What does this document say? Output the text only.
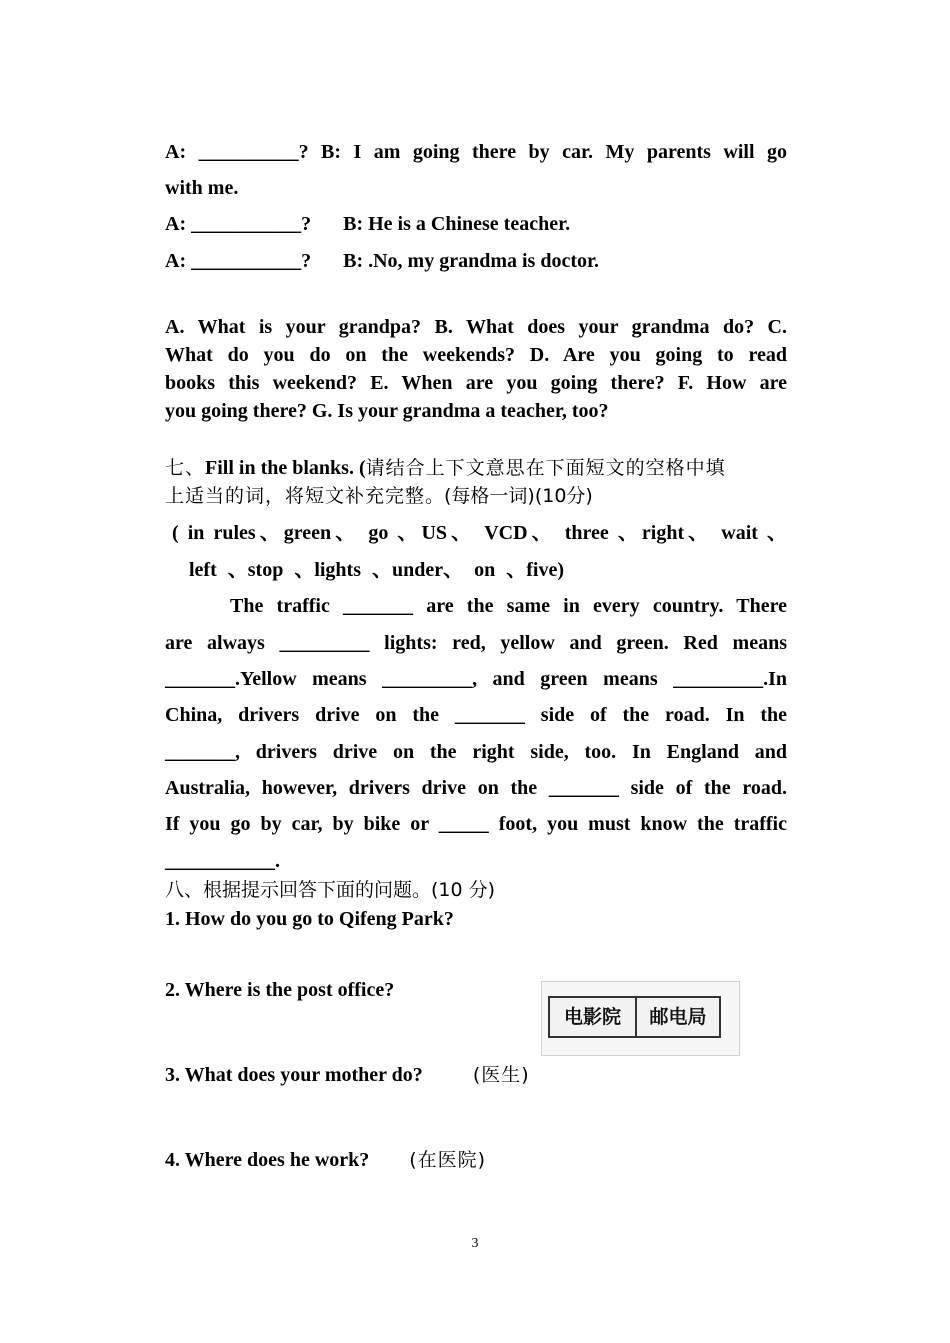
A: __________? B: I am going there by car. My parents will go
with me.
A: ___________? B: He is a Chinese teacher.
A: ___________? B: .No, my grandma is doctor.
A. What is your grandpa? B. What does your grandma do? C.
What do you do on the weekends? D. Are you going to read
books this weekend? E. When are you going there? F. How are
you going there? G. Is your grandma a teacher, too?
七、Fill in the blanks. (请结合上下文意思在下面短文的空格中填
上适当的词，将短文补充完整。(每格一词)(10分)
( in rules、green、 go 、US、 VCD、 three 、right、 wait 、
left 、stop 、lights 、under、 on 、five)
The traffic _______ are the same in every country. There
are always _________ lights: red, yellow and green. Red means
_______.Yellow means _________, and green means _________.In
China, drivers drive on the _______ side of the road. In the
_______, drivers drive on the right side, too. In England and
Australia, however, drivers drive on the _______ side of the road.
If you go by car, by bike or _____ foot, you must know the traffic
___________.
八、根据提示回答下面的问题。(10 分)
1. How do you go to Qifeng Park?
2. Where is the post office?
电影院	邮电局
3. What does your mother do?	(医生)
4. Where does he work? (在医院)
3
